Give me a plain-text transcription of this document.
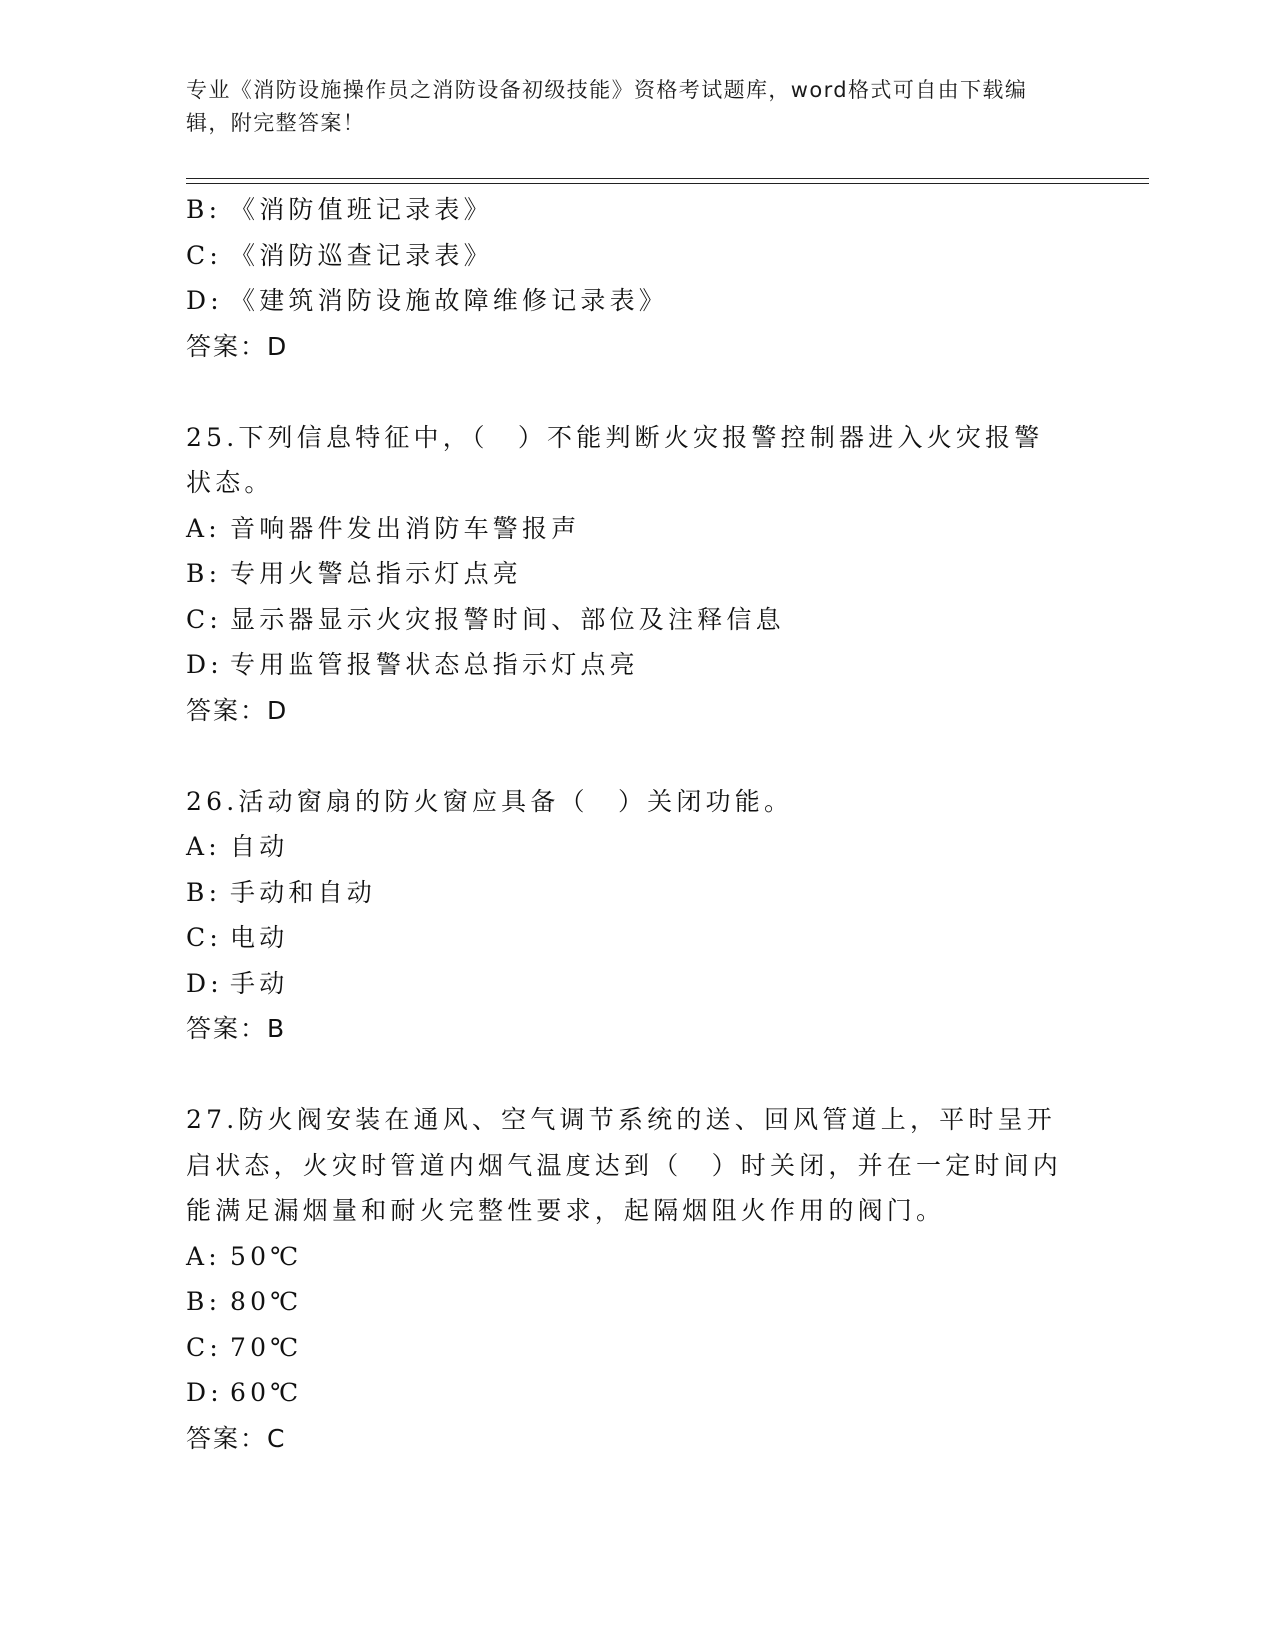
专业《消防设施操作员之消防设备初级技能》资格考试题库，word格式可自由下载编辑，附完整答案！
B: 《消防值班记录表》
C: 《消防巡查记录表》
D: 《建筑消防设施故障维修记录表》
答案：D
25.下列信息特征中，（　）不能判断火灾报警控制器进入火灾报警状态。
A: 音响器件发出消防车警报声
B: 专用火警总指示灯点亮
C: 显示器显示火灾报警时间、部位及注释信息
D: 专用监管报警状态总指示灯点亮
答案：D
26.活动窗扇的防火窗应具备（　）关闭功能。
A: 自动
B: 手动和自动
C: 电动
D: 手动
答案：B
27.防火阀安装在通风、空气调节系统的送、回风管道上，平时呈开启状态，火灾时管道内烟气温度达到（　）时关闭，并在一定时间内能满足漏烟量和耐火完整性要求，起隔烟阻火作用的阀门。
A: 50℃
B: 80℃
C: 70℃
D: 60℃
答案：C
